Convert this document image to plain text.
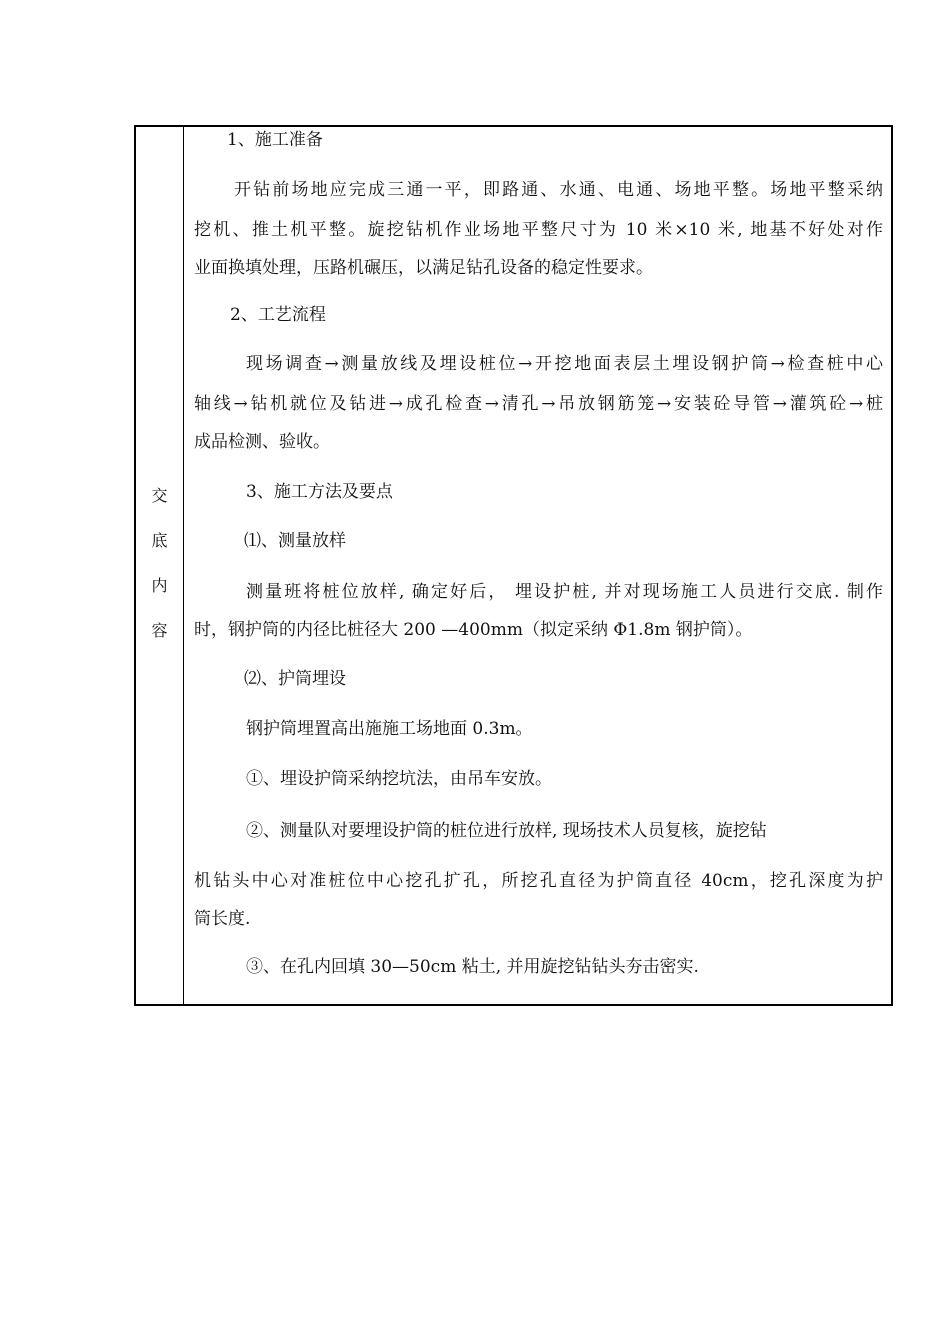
交
底
内
容
1、施工准备
开钻前场地应完成三通一平，即路通、水通、电通、场地平整。场地平整采纳
挖机、推土机平整。旋挖钻机作业场地平整尺寸为 10 米×10 米, 地基不好处对作
业面换填处理，压路机碾压，以满足钻孔设备的稳定性要求。
2、工艺流程
现场调查→测量放线及埋设桩位→开挖地面表层土埋设钢护筒→检查桩中心
轴线→钻机就位及钻进→成孔检查→清孔→吊放钢筋笼→安装砼导管→灌筑砼→桩
成品检测、验收。
3、施工方法及要点
⑴、测量放样
测量班将桩位放样, 确定好后， 埋设护桩, 并对现场施工人员进行交底. 制作
时，钢护筒的内径比桩径大 200 —400mm（拟定采纳 Φ1.8m 钢护筒）。
⑵、护筒埋设
钢护筒埋置高出施施工场地面 0.3m。
①、埋设护筒采纳挖坑法，由吊车安放。
②、测量队对要埋设护筒的桩位进行放样, 现场技术人员复核，旋挖钻
机钻头中心对准桩位中心挖孔扩孔，所挖孔直径为护筒直径 40cm，挖孔深度为护
筒长度.
③、在孔内回填 30—50cm 粘土, 并用旋挖钻钻头夯击密实.
